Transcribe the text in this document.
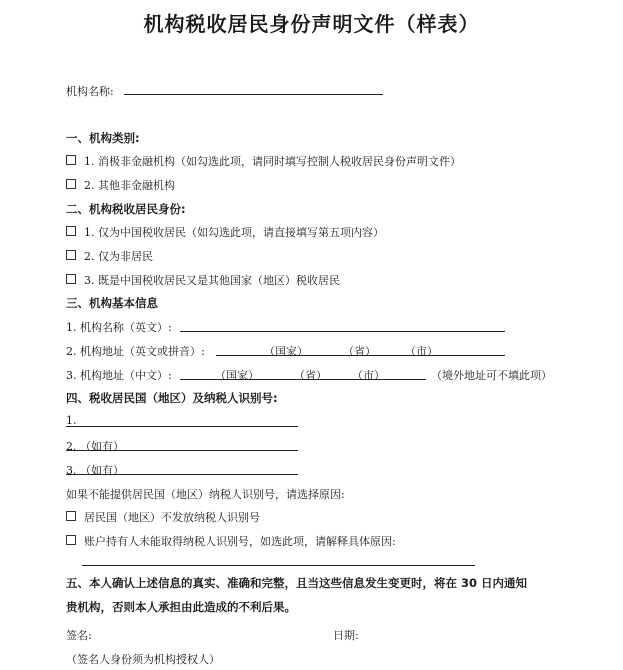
机构税收居民身份声明文件（样表）
机构名称:
一、机构类别:
1. 消极非金融机构（如勾选此项，请同时填写控制人税收居民身份声明文件）
2. 其他非金融机构
二、机构税收居民身份:
1. 仅为中国税收居民（如勾选此项，请直接填写第五项内容）
2. 仅为非居民
3. 既是中国税收居民又是其他国家（地区）税收居民
三、机构基本信息
1. 机构名称（英文）:
2. 机构地址（英文或拼音）:	（国家）	（省）	（市）
3. 机构地址（中文）:	（国家）	（省） （市）	（境外地址可不填此项）
四、税收居民国（地区）及纳税人识别号:
1.
2. （如有）
3. （如有）
如果不能提供居民国（地区）纳税人识别号，请选择原因:
居民国（地区）不发放纳税人识别号
账户持有人未能取得纳税人识别号，如选此项，请解释具体原因:
五、本人确认上述信息的真实、准确和完整，且当这些信息发生变更时，将在 30 日内通知
贵机构，否则本人承担由此造成的不利后果。
签名:	日期:
（签名人身份须为机构授权人）
